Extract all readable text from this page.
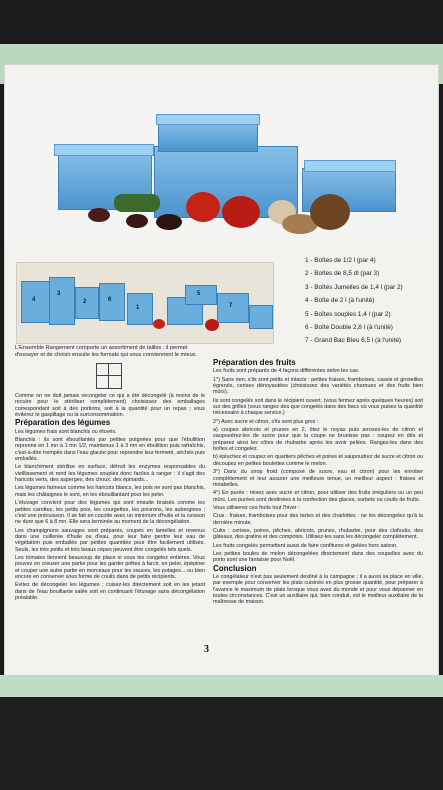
4
3
2	6
1
5
7
1 - Boîtes de 1/2 l (par 4)
2 - Boîtes de 8,5 dl (par 3)
3 - Boîtes Jumelles de 1,4 l (par 2)
4 - Boîte de 2 l (à l'unité)
5 - Boîtes souples 1,4 l (par 2)
6 - Boîte Double 2,8 l (à l'unité)
7 - Grand Bac Bleu 6,5 l (à l'unité)
L'Ensemble Rangement comporte un assortiment de tailles ; il permet d'essayer et de choisir ensuite les formats qui vous conviennent le mieux.

Comme on ne doit jamais recongeler ce qui a été décongelé (à moins de le recuire pour le stériliser complètement) choisissez des emballages correspondant soit à des portions, soit à la quantité pour un repas ; vous éviterez le gaspillage ou la surconsommation.

Préparation des légumes

Les légumes frais sont blanchis ou étuvés.

Blanchis : ils sont ébouillantés par petites poignées pour que l'ébullition reprenne en 1 mn à 1 mn 1/2, maintenus 1 à 3 mn en ébullition puis rafraîchis, c'est-à-dire trempés dans l'eau glacée pour reprendre leur fermeté, séchés puis emballés.

Le blanchiment stérilise en surface, détruit les enzymes responsables du vieillissement et rend les légumes souples donc faciles à ranger : il s'agit des haricots verts, des asperges, des choux, des épinards...

Les légumes farineux comme les haricots blancs, les pois ne sont pas blanchis, mais les châtaignes le sont, en les ébouillantant pour les peler.

L'étuvage convient pour des légumes qui sont ensuite braisés comme les petites carottes, les petits pois, les courgettes, les poivrons, les aubergines ; c'est une précuisson. Il se fait en cocotte avec un minimum d'huile et la cuisson ne dure que 6 à 8 mn. Elle sera terminée au moment de la décongélation.

Les champignons sauvages sont préparés, coupés en lamelles et revenus dans une cuillerée d'huile ou d'eau, pour leur faire perdre leur eau de végétation puis emballés par petites quantités pour être facilement utilisés. Seuls, les très petits et très beaux cèpes peuvent être congelés tels quels.

Les tomates tiennent beaucoup de place si vous les congelez entières. Vous pouvez en creuser une partie pour les garder prêtes à farcir, en peler, épépiner et couper une autre partie en morceaux pour les sauces, les potages... ou bien encore en conserver sous forme de coulis dans de petits récipients.

Evitez de décongeler les légumes ; cuisez-les directement soit en les jetant dans de l'eau bouillante salée soit en continuant l'étuvage sans décongélation préalable.

Préparation des fruits

Les fruits sont préparés de 4 façons différentes selon les cas.

1°) Sans rien, s'ils sont petits et intacts : petites fraises, framboises, cassis et groseilles égrenés, cerises dénoyautées (choisissez des variétés charnues et des fruits bien mûrs).

Ils sont congelés soit dans le récipient ouvert, (vous fermez après quelques heures) soit sur des grilles (vous rangez des que congelés dans des bacs où vous puisez la quantité nécessaire à chaque service.)

2°) Avec sucre et citron, s'ils sont plus gros :

a) coupez abricots et prunes en 2, ôtez le noyau puis arrosez-les de citron et saupoudrez-les de sucre pour que la coupe ne brunisse pas : coupez en dés et préparez ainsi les côtes de rhubarbe après les avoir pelées. Rangez-les dans des boîtes et congelez.

b) épluchez et coupez en quartiers pêches et poires et saupoudrez de sucre et citron ou découpez en petites boulettes comme le melon.

3°) Dans du sirop froid (composé de sucre, eau et citron) pour les enrober complètement et leur assurer une meilleure tenue, un meilleur aspect : fraises et mirabelles.

4°) En purée : mixez avec sucre et citron, pour utiliser des fruits irréguliers ou un peu mûrs. Les purées sont destinées à la confection des glaces, sorbets ou coulis de fruits.

Vous utiliserez ces fruits tout l'hiver :

Crus : fraises, framboises pour des tartes et des charlottes : ne les décongelez qu'à la dernière minute.

Cuits : cerises, poires, pêches, abricots, prunes, rhubarbe, pour des clafoutis, des gâteaux, des gratins et des compotes. Utilisez-les sans les décongeler complètement.

Les fruits congelés permettent aussi de faire confitures et gelées hors saison.

Les petites boules de melon décongelées directement dans des coupelles avec du porto sont une fantaisie pour Noël.

Conclusion

Le congélateur n'est pas seulement destiné à la campagne ; il a aussi sa place en ville, par exemple pour conserver les plats cuisinés en plus grosse quantité, pour préparer à l'avance le maximum de plats lorsque vous avez du monde et pour vous dépanner en toutes circonstances. C'est un auxiliaire qui, bien conduit, est le meilleur auxiliaire de la maîtresse de maison.

3
